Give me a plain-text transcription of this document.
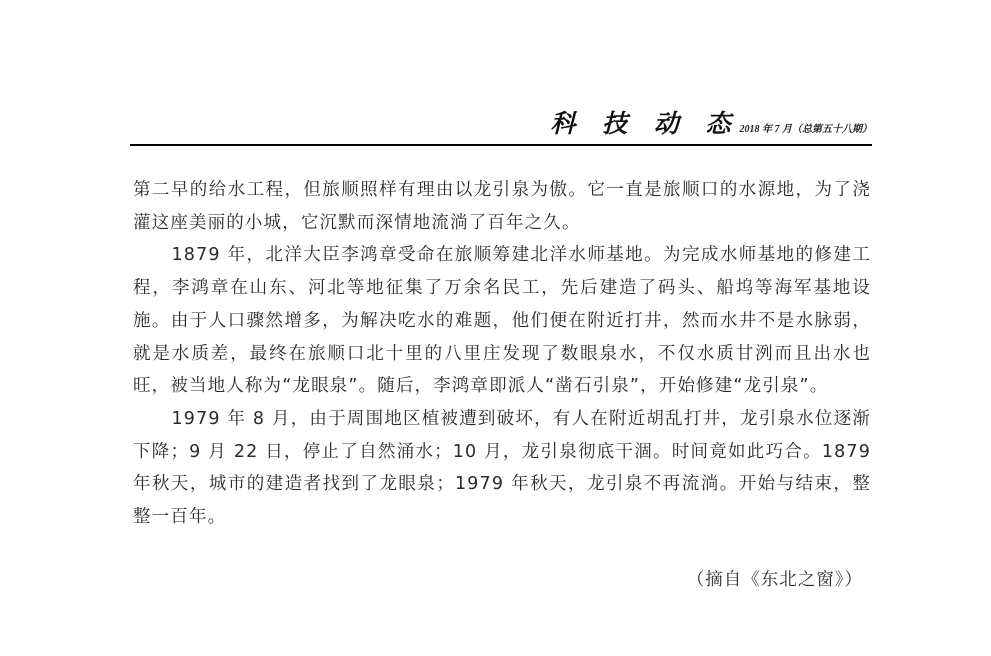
科 技 动 态 2018 年 7 月（总第五十八期）

第二早的给水工程，但旅顺照样有理由以龙引泉为傲。它一直是旅顺口的水源地，为了浇灌这座美丽的小城，它沉默而深情地流淌了百年之久。

1879 年，北洋大臣李鸿章受命在旅顺筹建北洋水师基地。为完成水师基地的修建工程，李鸿章在山东、河北等地征集了万余名民工，先后建造了码头、船坞等海军基地设施。由于人口骤然增多，为解决吃水的难题，他们便在附近打井，然而水井不是水脉弱，就是水质差，最终在旅顺口北十里的八里庄发现了数眼泉水，不仅水质甘洌而且出水也旺，被当地人称为“龙眼泉”。随后，李鸿章即派人“凿石引泉”，开始修建“龙引泉”。

1979 年 8 月，由于周围地区植被遭到破坏，有人在附近胡乱打井，龙引泉水位逐渐下降；9 月 22 日，停止了自然涌水；10 月，龙引泉彻底干涸。时间竟如此巧合。1879 年秋天，城市的建造者找到了龙眼泉；1979 年秋天，龙引泉不再流淌。开始与结束，整整一百年。

（摘自《东北之窗》）
